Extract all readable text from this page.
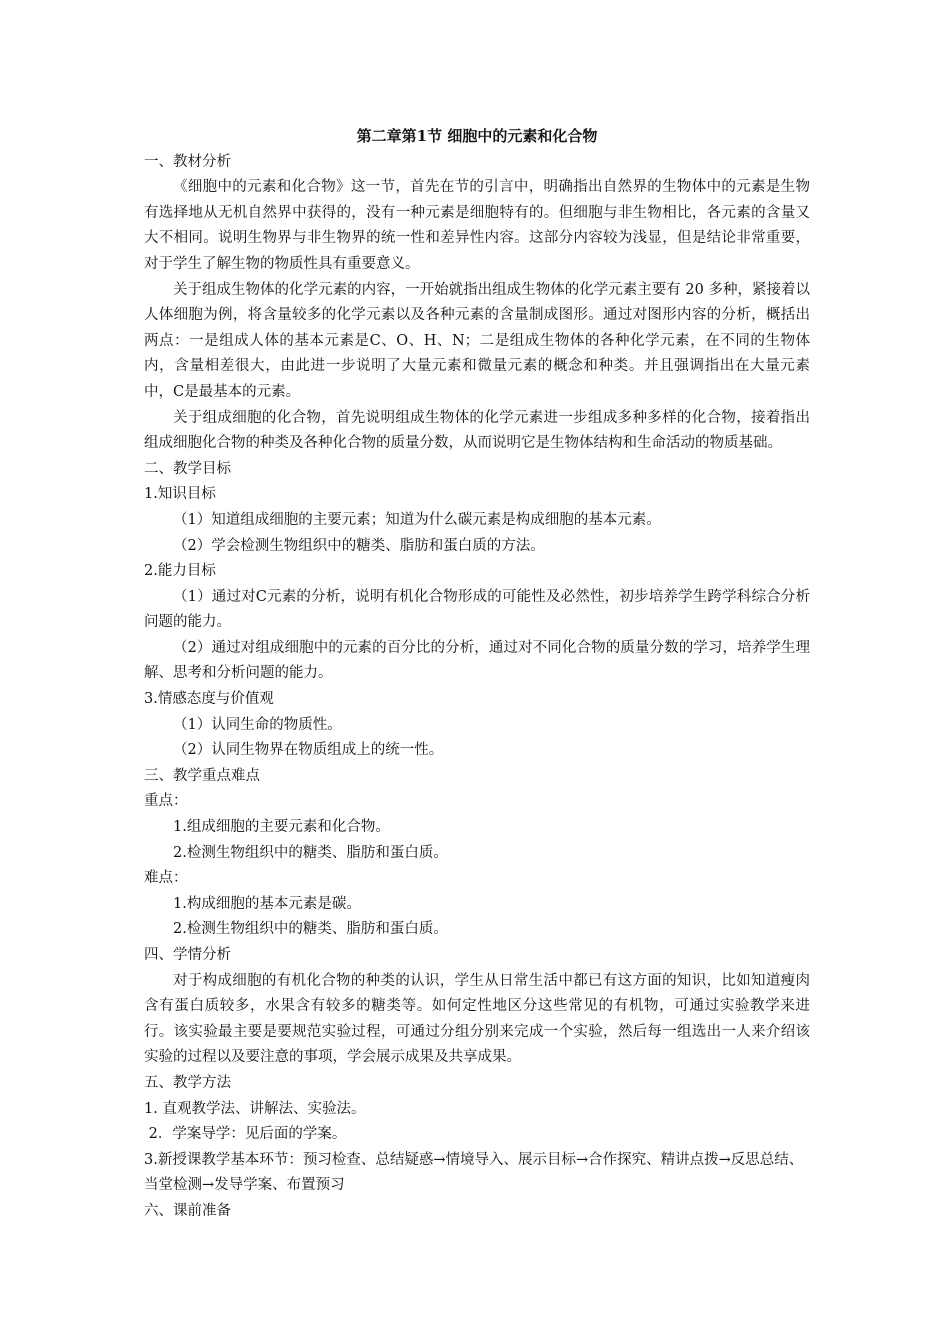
第二章第1节 细胞中的元素和化合物

一、教材分析

《细胞中的元素和化合物》这一节，首先在节的引言中，明确指出自然界的生物体中的元素是生物有选择地从无机自然界中获得的，没有一种元素是细胞特有的。但细胞与非生物相比，各元素的含量又大不相同。说明生物界与非生物界的统一性和差异性内容。这部分内容较为浅显，但是结论非常重要，对于学生了解生物的物质性具有重要意义。

关于组成生物体的化学元素的内容，一开始就指出组成生物体的化学元素主要有 20 多种，紧接着以人体细胞为例，将含量较多的化学元素以及各种元素的含量制成图形。通过对图形内容的分析，概括出两点：一是组成人体的基本元素是C、O、H、N；二是组成生物体的各种化学元素，在不同的生物体内，含量相差很大，由此进一步说明了大量元素和微量元素的概念和种类。并且强调指出在大量元素中，C是最基本的元素。

关于组成细胞的化合物，首先说明组成生物体的化学元素进一步组成多种多样的化合物，接着指出组成细胞化合物的种类及各种化合物的质量分数，从而说明它是生物体结构和生命活动的物质基础。

二、教学目标

1.知识目标

（1）知道组成细胞的主要元素；知道为什么碳元素是构成细胞的基本元素。

（2）学会检测生物组织中的糖类、脂肪和蛋白质的方法。

2.能力目标

（1）通过对C元素的分析，说明有机化合物形成的可能性及必然性，初步培养学生跨学科综合分析问题的能力。

（2）通过对组成细胞中的元素的百分比的分析，通过对不同化合物的质量分数的学习，培养学生理解、思考和分析问题的能力。

3.情感态度与价值观

（1）认同生命的物质性。

（2）认同生物界在物质组成上的统一性。

三、教学重点难点

重点：

1.组成细胞的主要元素和化合物。

2.检测生物组织中的糖类、脂肪和蛋白质。

难点：

1.构成细胞的基本元素是碳。

2.检测生物组织中的糖类、脂肪和蛋白质。

四、学情分析

对于构成细胞的有机化合物的种类的认识，学生从日常生活中都已有这方面的知识，比如知道瘦肉含有蛋白质较多，水果含有较多的糖类等。如何定性地区分这些常见的有机物，可通过实验教学来进行。该实验最主要是要规范实验过程，可通过分组分别来完成一个实验，然后每一组选出一人来介绍该实验的过程以及要注意的事项，学会展示成果及共享成果。

五、教学方法

1. 直观教学法、讲解法、实验法。

2．学案导学：见后面的学案。

3.新授课教学基本环节：预习检查、总结疑惑→情境导入、展示目标→合作探究、精讲点拨→反思总结、当堂检测→发导学案、布置预习

六、课前准备
